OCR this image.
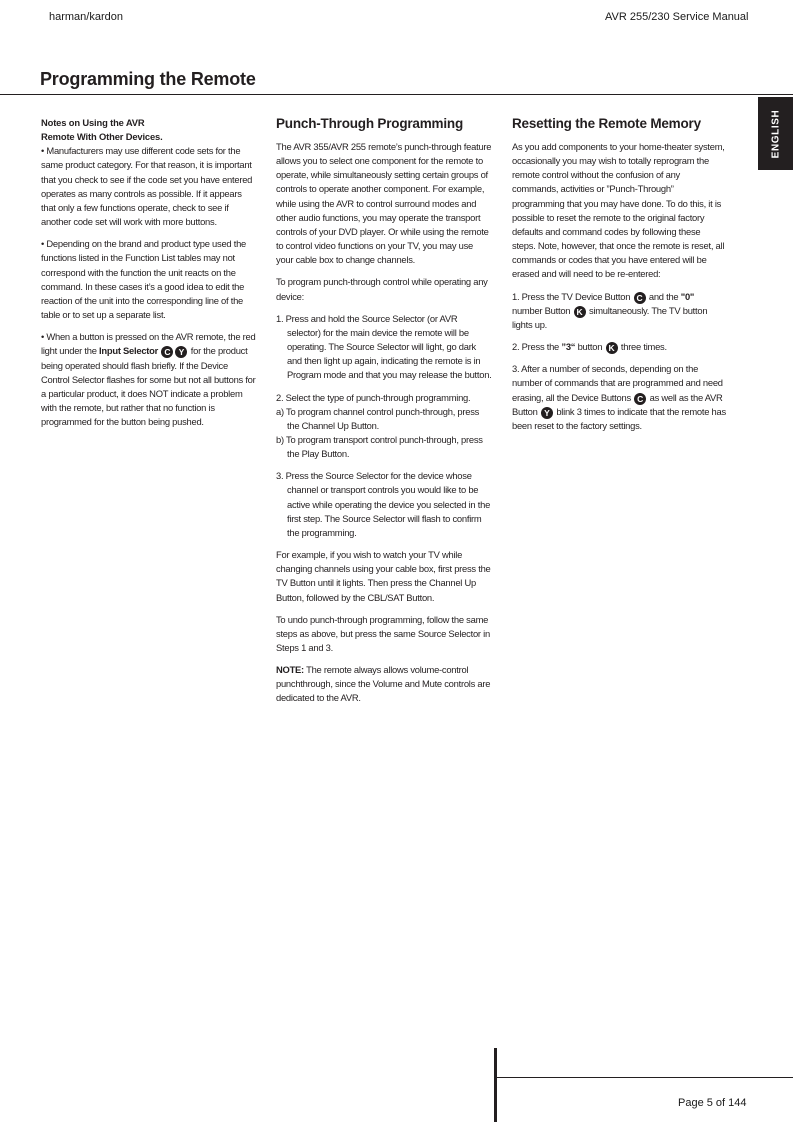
harman/kardon	AVR 255/230 Service Manual
Programming the Remote
ENGLISH
Notes on Using the AVR
Remote With Other Devices.

• Manufacturers may use different code sets for the same product category. For that reason, it is important that you check to see if the code set you have entered operates as many controls as possible. If it appears that only a few functions operate, check to see if another code set will work with more buttons.

• Depending on the brand and product type used the functions listed in the Function List tables may not correspond with the function the unit reacts on the command. In these cases it’s a good idea to edit the reaction of the unit into the corresponding line of the table or to set up a separate list.

• When a button is pressed on the AVR remote, the red light under the Input Selector C Y for the product being operated should flash briefly. If the Device Control Selector flashes for some but not all buttons for a particular product, it does NOT indicate a problem with the remote, but rather that no function is programmed for the button being pushed.

Punch-Through Programming

The AVR 355/AVR 255 remote’s punch-through feature allows you to select one component for the remote to operate, while simultaneously setting certain groups of controls to operate another component. For example, while using the AVR to control surround modes and other audio functions, you may operate the transport controls of your DVD player. Or while using the remote to control video functions on your TV, you may use your cable box to change channels.

To program punch-through control while operating any device:

1. Press and hold the Source Selector (or AVR selector) for the main device the remote will be operating. The Source Selector will light, go dark and then light up again, indicating the remote is in Program mode and that you may release the button.
2. Select the type of punch-through programming.
a) To program channel control punch-through, press the Channel Up Button.
b) To program transport control punch-through, press the Play Button.
3. Press the Source Selector for the device whose channel or transport controls you would like to be active while operating the device you selected in the first step. The Source Selector will flash to confirm the programming.

For example, if you wish to watch your TV while changing channels using your cable box, first press the TV Button until it lights. Then press the Channel Up Button, followed by the CBL/SAT Button.

To undo punch-through programming, follow the same steps as above, but press the same Source Selector in Steps 1 and 3.

NOTE: The remote always allows volume-control punchthrough, since the Volume and Mute controls are dedicated to the AVR.

Resetting the Remote Memory

As you add components to your home-theater system, occasionally you may wish to totally reprogram the remote control without the confusion of any commands, activities or ”Punch-Through” programming that you may have done. To do this, it is possible to reset the remote to the original factory defaults and command codes by following these steps. Note, however, that once the remote is reset, all commands or codes that you have entered will be erased and will need to be re-entered:

1. Press the TV Device Button C and the "0" number Button K simultaneously. The TV button lights up.

2. Press the ”3“ button K three times.

3. After a number of seconds, depending on the number of commands that are programmed and need erasing, all the Device Buttons C as well as the AVR Button Y blink 3 times to indicate that the remote has been reset to the factory settings.

Page 5 of 144
